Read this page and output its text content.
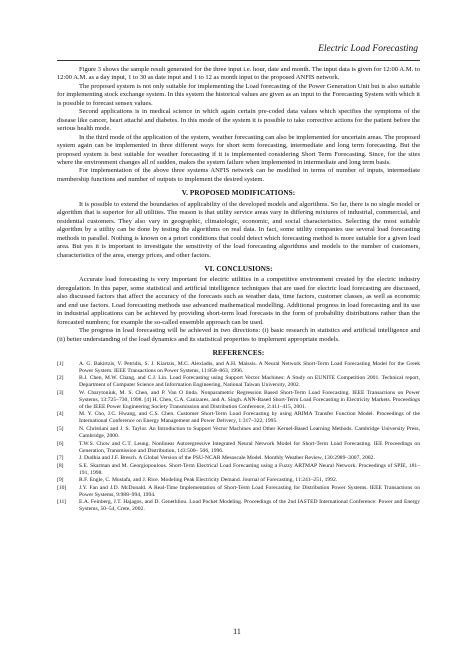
Electric Load Forecasting

Figure 3 shows the sample result generated for the three input i.e. hour, date and month. The input data is given for 12:00 A.M. to 12:00 A.M. as a day input, 1 to 30 as date input and 1 to 12 as month input to the proposed ANFIS network.

The proposed system is not only suitable for implementing the Load forecasting of the Power Generation Unit but is also suitable for implementing stock exchange system. In this system the historical values are given as an input to the Forecasting System with which it is possible to forecast sensex values.

Second applications is in medical science in which again certain pre-coded data values which specifies the symptoms of the disease like cancer, heart attaché and diabetes. In this mode of the system it is possible to take corrective actions for the patient before the serious health mode.

In the third mode of the application of the system, weather forecasting can also be implemented for uncertain areas. The proposed system again can be implemented in three different ways for short term forecasting, intermediate and long term forecasting. But the proposed system is best suitable for weather forecasting if it is implemented considering Short Term Forecasting. Since, for the sites where the environment changes all of sudden, makes the system failure when implemented in intermediate and long term basis.

For implementation of the above three systems ANFIS network can be modified in terms of number of inputs, intermediate membership functions and number of outputs to implement the desired system.

V. PROPOSED MODIFICATIONS:

It is possible to extend the boundaries of applicability of the developed models and algorithms. So far, there is no single model or algorithm that is superior for all utilities. The reason is that utility service areas vary in differing mixtures of industrial, commercial, and residential customers. They also vary in geographic, climatologic, economic, and social characteristics. Selecting the most suitable algorithm by a utility can be done by testing the algorithms on real data. In fact, some utility companies use several load forecasting methods in parallel. Nothing is known on a priori conditions that could detect which forecasting method is more suitable for a given load area. But yes it is important to investigate the sensitivity of the load forecasting algorithms and models to the number of customers, characteristics of the area, energy prices, and other factors.

VI. CONCLUSIONS:

Accurate load forecasting is very important for electric utilities in a competitive environment created by the electric industry deregulation. In this paper, some statistical and artificial intelligence techniques that are used for electric load forecasting are discussed, also discussed factors that affect the accuracy of the forecasts such as weather data, time factors, customer classes, as well as economic and end use factors. Load forecasting methods use advanced mathematical modelling. Additional progress in load forecasting and its use in industrial applications can be achieved by providing short-term load forecasts in the form of probability distributions rather than the forecasted numbers; for example the so-called ensemble approach can be used.

The progress in load forecasting will be achieved in two directions: (i) basic research in statistics and artificial intelligence and (ii) better understanding of the load dynamics and its statistical properties to implement appropriate models.

REFERENCES:
[1]	A. G. Bakirtzis, V. Petridis, S. J. Kiartzis, M.C. Alexiadis, and A.H. Maissis. A Neural Network Short-Term Load Forecasting Model for the Greek Power System. IEEE Transactions on Power Systems, 11:858–863, 1996.
[2]	B.J. Chen, M.W. Chang, and C.J. Lin. Load Forecasting using Support Vector Machines: A Study on EUNITE Competition 2001. Technical report, Department of Computer Science and Information Engineering, National Taiwan University, 2002.
[3]	W. Charytoniuk, M. S. Chen, and P. Van O linda. Nonparametric Regression Based Short-Term Load Forecasting. IEEE Transactions on Power Systems, 13:725–730, 1998. [4] H. Chen, C.A. Canizares, and A. Singh. ANN-Based Short-Term Load Forecasting in Electricity Markets. Proceedings of the IEEE Power Engineering Society Transmission and Distribution Conference, 2:411–415, 2001.
[4]	M. Y. Cho, J.C. Hwang, and C.S. Chen. Customer Short-Term Load Forecasting by using ARIMA Transfer Function Model. Proceedings of the International Conference on Energy Management and Power Delivery, 1:317–322, 1995.
[5]	N. Christiani and J. S. Taylor. An Introduction to Support Vector Machines and Other Kernel-Based Learning Methods. Cambridge University Press, Cambridge, 2000.
[6]	T.W.S. Chow and C.T. Leung. Nonlinear Autoregressive Integrated Neural Network Model for Short-Term Load Forecasting. IEE Proceedings on Generation, Transmission and Distribution, 143:500– 506, 1996.
[7]	J. Dudhia and J.F. Bresch. A Global Version of the PSU-NCAR Mesoscale Model. Monthly Weather Review, 130:2989–3007, 2002.
[8]	S.E. Skarman and M. Georgiopoulous. Short-Term Electrical Load Forecasting using a Fuzzy ARTMAP Neural Network. Proceedings of SPIE, 181–191, 1998.
[9]	R.F. Engle, C. Mustafa, and J. Rice. Modeling Peak Electricity Demand. Journal of Forecasting, 11:241–251, 1992.
[10]	J.Y. Fan and J.D. McDonald. A Real-Time Implementation of Short-Term Load Forecasting for Distribution Power Systems. IEEE Transactions on Power Systems, 9:988–994, 1994.
[11]	E.A. Feinberg, J.T. Hajagos, and D. Genethliou. Load Pocket Modeling. Proceedings of the 2nd IASTED International Conference: Power and Energy Systems, 50–54, Crete, 2002.
11
